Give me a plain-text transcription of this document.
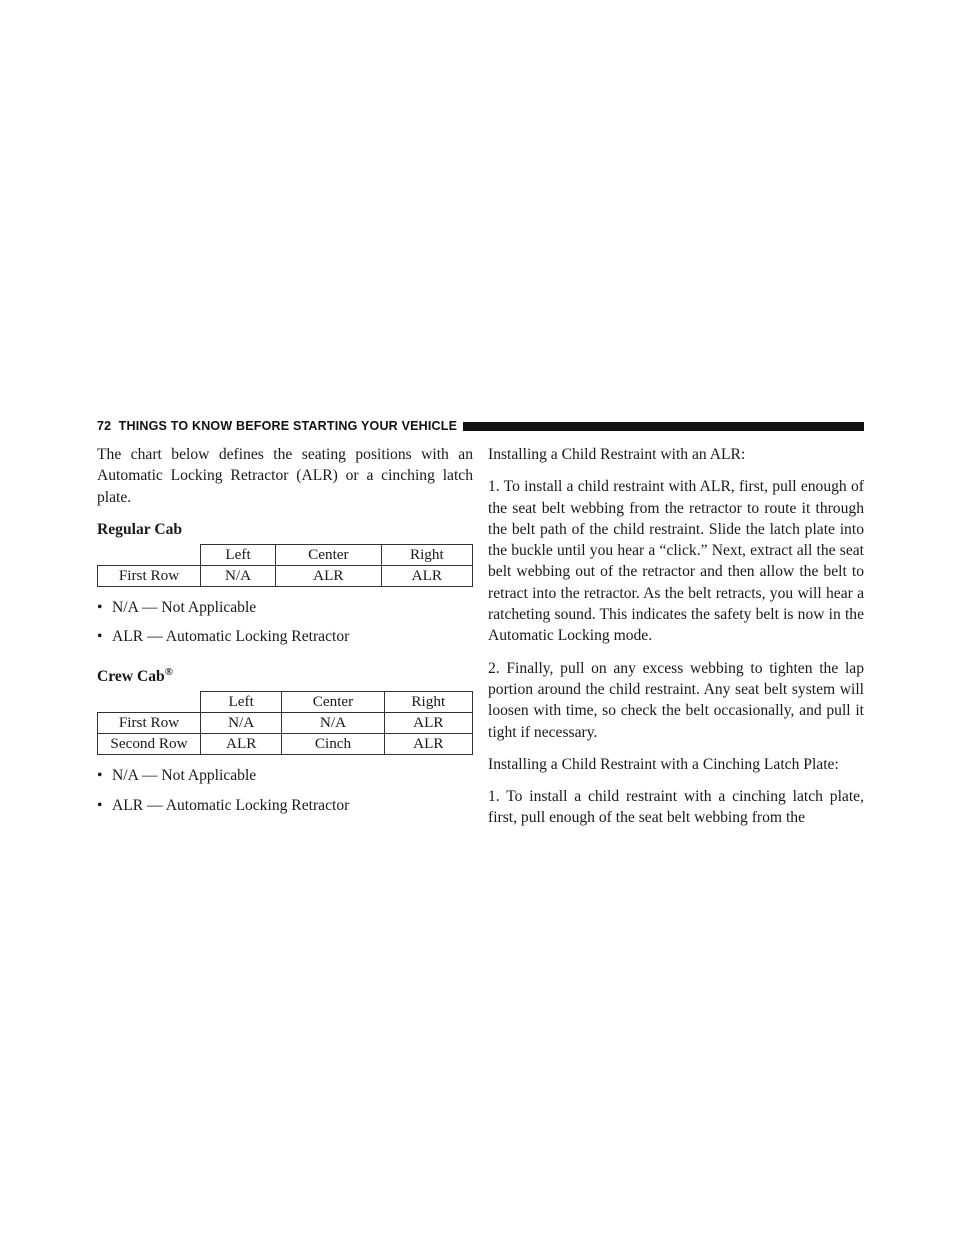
72 THINGS TO KNOW BEFORE STARTING YOUR VEHICLE

The chart below defines the seating positions with an Automatic Locking Retractor (ALR) or a cinching latch plate.

Regular Cab
	Left	Center	Right
First Row	N/A	ALR	ALR
• N/A — Not Applicable
• ALR — Automatic Locking Retractor
Crew Cab®
	Left	Center	Right
First Row	N/A	N/A	ALR
Second Row	ALR	Cinch	ALR
• N/A — Not Applicable
• ALR — Automatic Locking Retractor

Installing a Child Restraint with an ALR:

1. To install a child restraint with ALR, first, pull enough of the seat belt webbing from the retractor to route it through the belt path of the child restraint. Slide the latch plate into the buckle until you hear a “click.” Next, extract all the seat belt webbing out of the retractor and then allow the belt to retract into the retractor. As the belt retracts, you will hear a ratcheting sound. This indicates the safety belt is now in the Automatic Locking mode.

2. Finally, pull on any excess webbing to tighten the lap portion around the child restraint. Any seat belt system will loosen with time, so check the belt occasionally, and pull it tight if necessary.

Installing a Child Restraint with a Cinching Latch Plate:

1. To install a child restraint with a cinching latch plate, first, pull enough of the seat belt webbing from the
